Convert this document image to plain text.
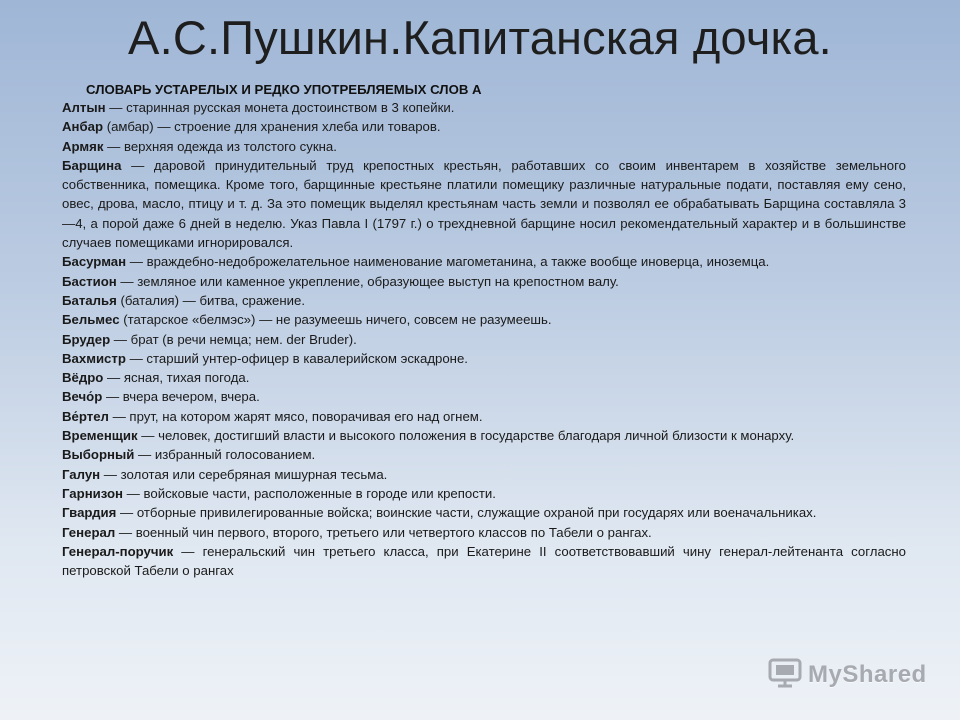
А.С.Пушкин.Капитанская дочка.
СЛОВАРЬ УСТАРЕЛЫХ И РЕДКО УПОТРЕБЛЯЕМЫХ СЛОВ А

Алтын — старинная русская монета достоинством в 3 копейки.

Анбар (амбар) — строение для хранения хлеба или товаров.

Армяк — верхняя одежда из толстого сукна.

Барщина — даровой принудительный труд крепостных крестьян, работавших со своим инвентарем в хозяйстве земельного собственника, помещика. Кроме того, барщинные крестьяне платили помещику различные натуральные подати, поставляя ему сено, овес, дрова, масло, птицу и т. д. За это помещик выделял крестьянам часть земли и позволял ее обрабатывать Барщина составляла 3—4, а порой даже 6 дней в неделю. Указ Павла I (1797 г.) о трехдневной барщине носил рекомендательный характер и в большинстве случаев помещиками игнорировался.

Басурман — враждебно-недоброжелательное наименование магометанина, а также вообще иноверца, иноземца.

Бастион — земляное или каменное укрепление, образующее выступ на крепостном валу.

Баталья (баталия) — битва, сражение.

Бельмес (татарское «белмэс») — не разумеешь ничего, совсем не разумеешь.

Брудер — брат (в речи немца; нем. der Bruder).

Вахмистр — старший унтер-офицер в кавалерийском эскадроне.

Вёдро — ясная, тихая погода.

Вечо́р — вчера вечером, вчера.

Ве́ртел — прут, на котором жарят мясо, поворачивая его над огнем.

Временщик — человек, достигший власти и высокого положения в государстве благодаря личной близости к монарху.

Выборный — избранный голосованием.

Галун — золотая или серебряная мишурная тесьма.

Гарнизон — войсковые части, расположенные в городе или крепости.

Гвардия — отборные привилегированные войска; воинские части, служащие охраной при государях или военачальниках.

Генерал — военный чин первого, второго, третьего или четвертого классов по Табели о рангах.

Генерал-поручик — генеральский чин третьего класса, при Екатерине II соответствовавший чину генерал-лейтенанта согласно петровской Табели о рангах

MyShared
